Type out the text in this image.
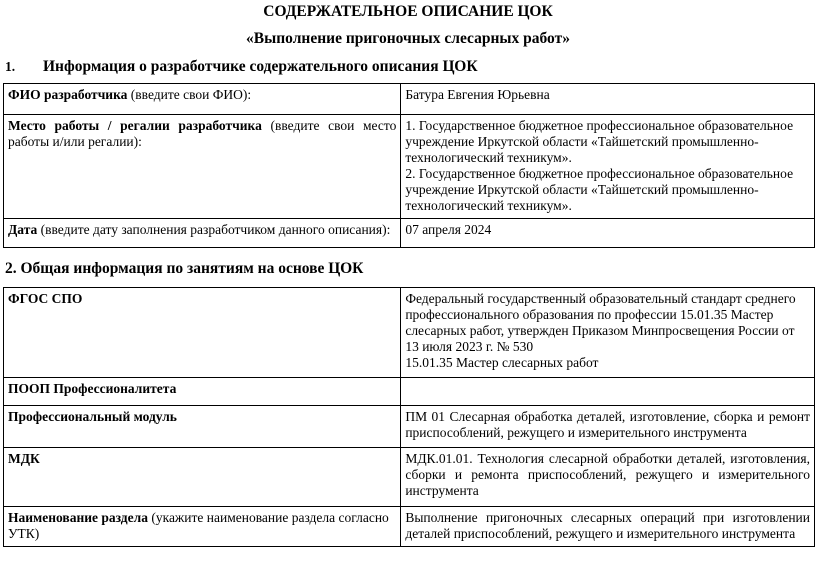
СОДЕРЖАТЕЛЬНОЕ ОПИСАНИЕ ЦОК
«Выполнение пригоночных слесарных работ»
1. Информация о разработчике содержательного описания ЦОК
ФИО разработчика (введите свои ФИО):	Батура Евгения Юрьевна

Место работы / регалии разработчика (введите свои место работы и/или регалии):	1. Государственное бюджетное профессиональное образовательное учреждение Иркутской области «Тайшетский промышленно-технологический техникум».
2. Государственное бюджетное профессиональное образовательное учреждение Иркутской области «Тайшетский промышленно-технологический техникум».

Дата (введите дату заполнения разработчиком данного описания):	07 апреля 2024
2. Общая информация по занятиям на основе ЦОК
ФГОС СПО	Федеральный государственный образовательный стандарт среднего профессионального образования по профессии 15.01.35 Мастер слесарных работ, утвержден Приказом Минпросвещения России от 13 июля 2023 г. № 530
15.01.35 Мастер слесарных работ

ПООП Профессионалитета	
Профессиональный модуль	ПМ 01 Слесарная обработка деталей, изготовление, сборка и ремонт приспособлений, режущего и измерительного инструмента

МДК	МДК.01.01. Технология слесарной обработки деталей, изготовления, сборки и ремонта приспособлений, режущего и измерительного инструмента

Наименование раздела (укажите наименование раздела согласно УТК)	Выполнение пригоночных слесарных операций при изготовлении деталей приспособлений, режущего и измерительного инструмента
